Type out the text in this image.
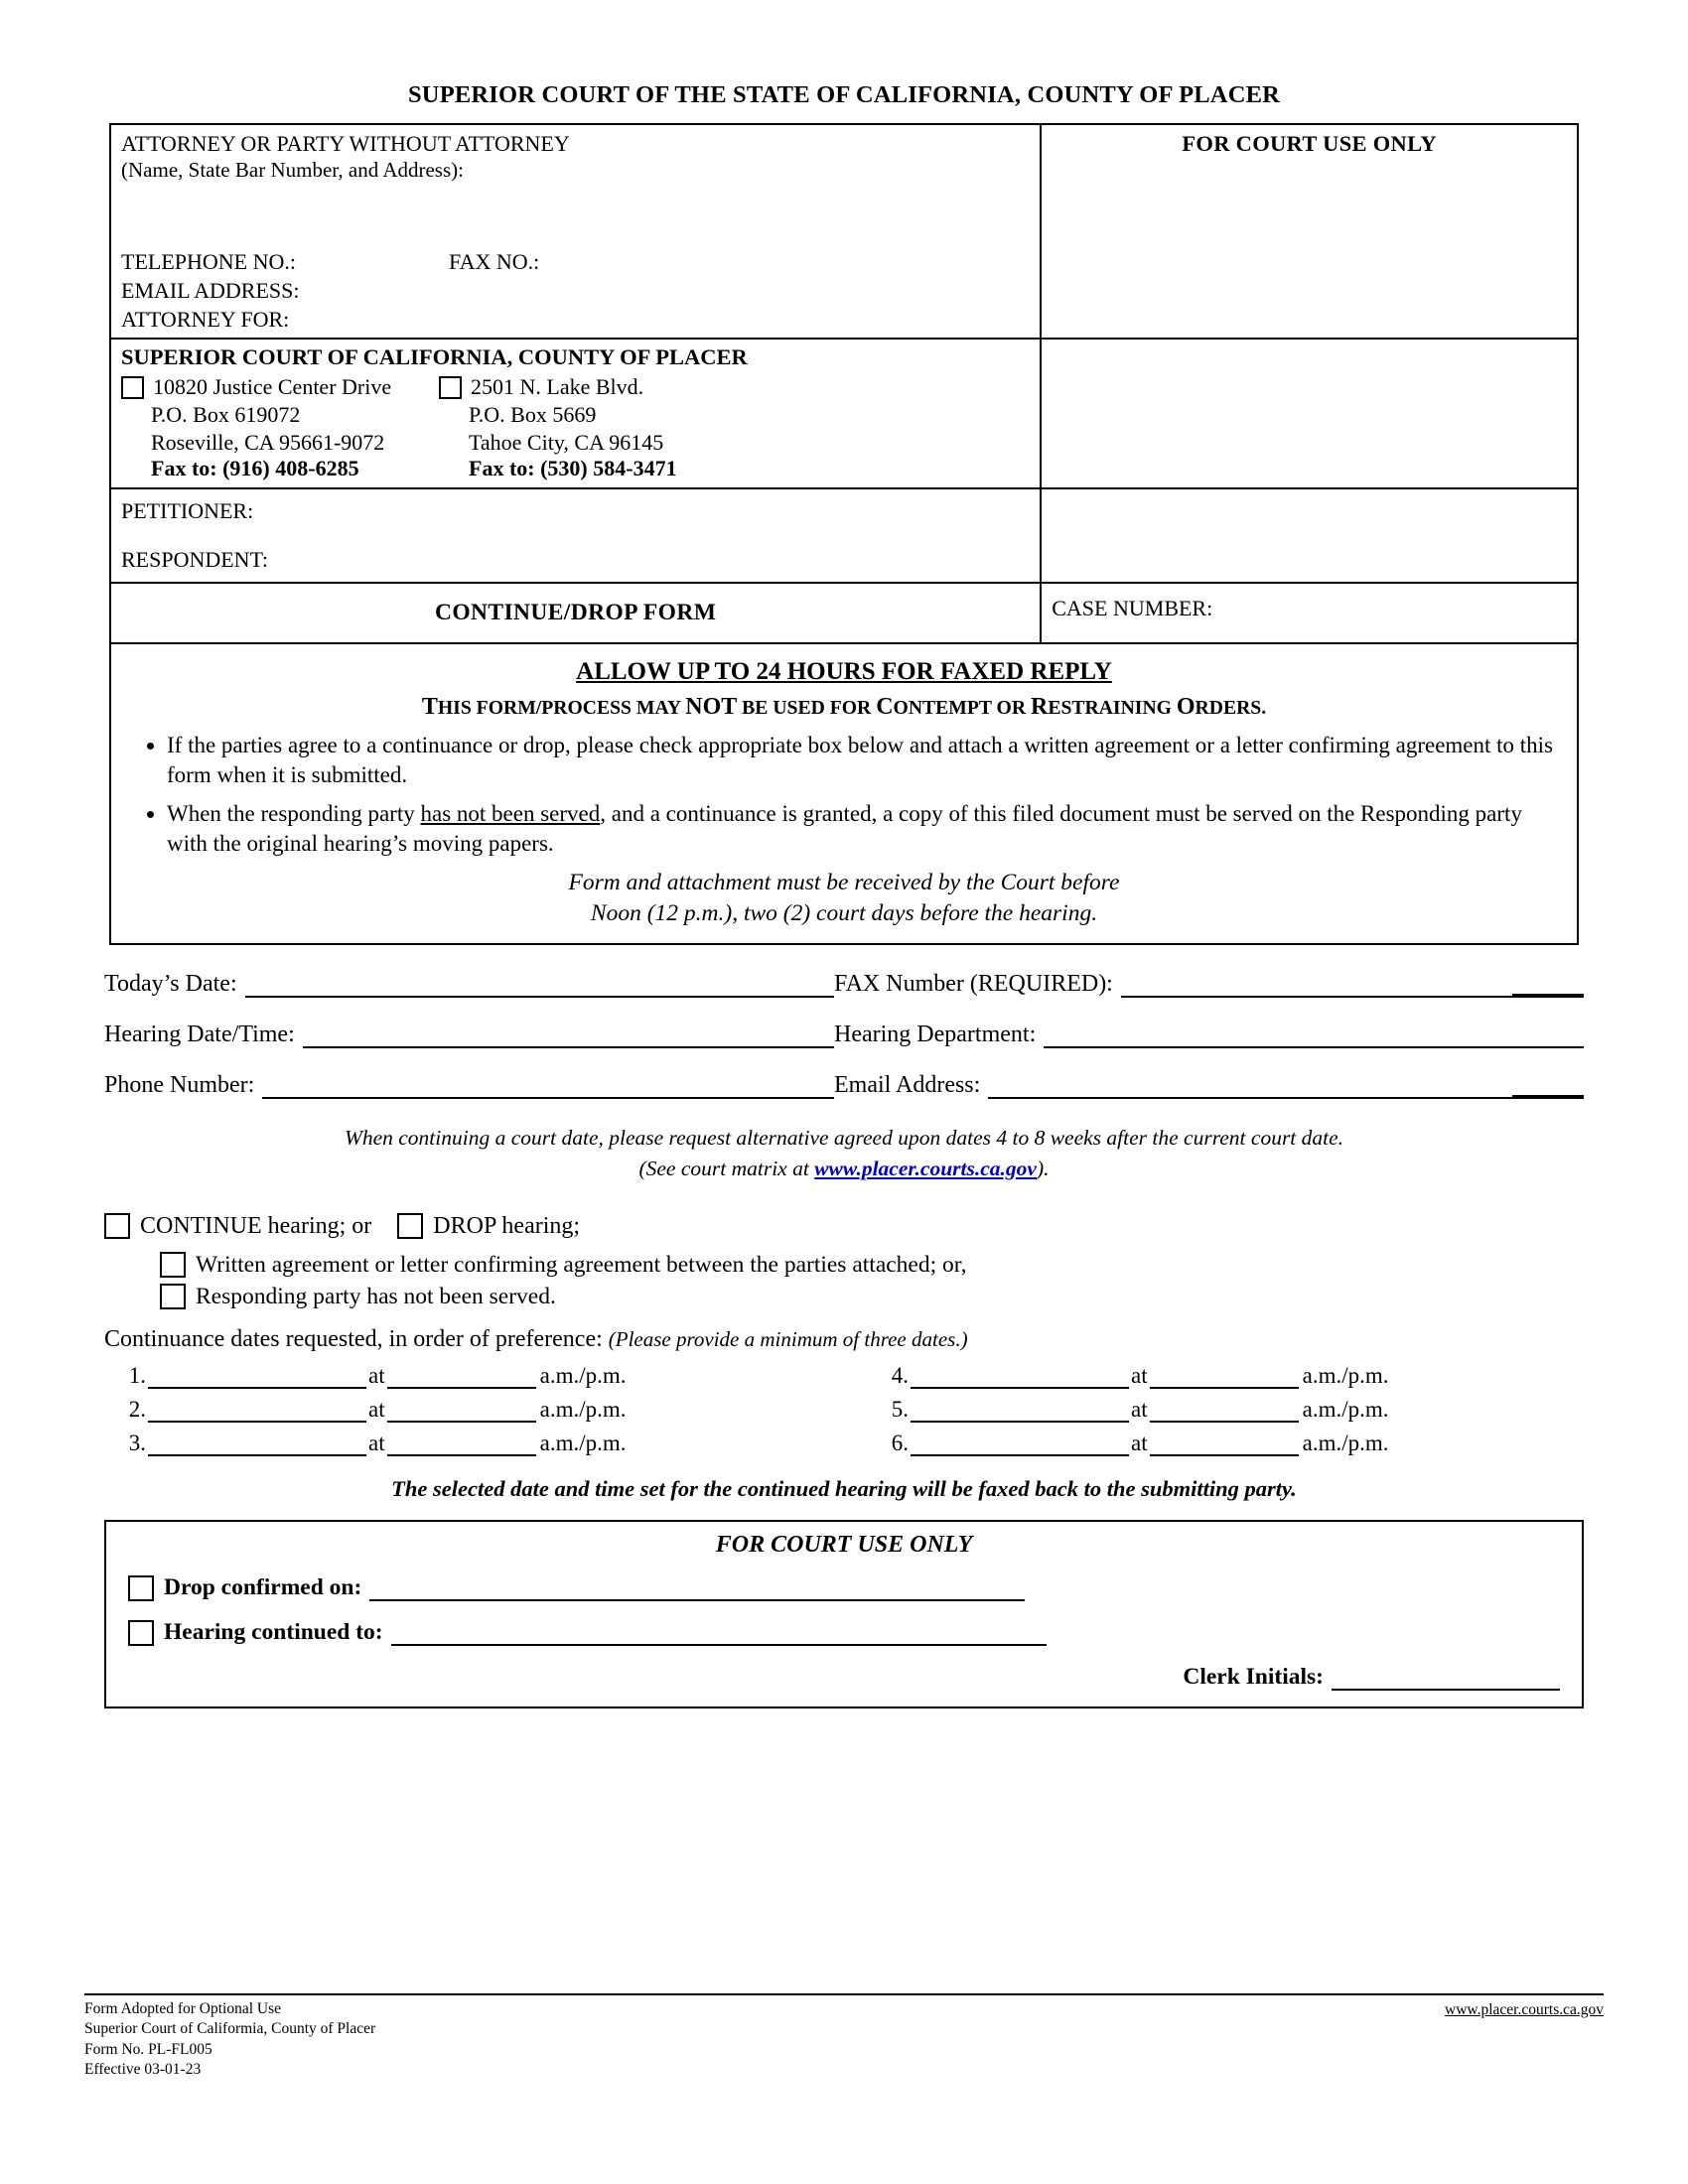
SUPERIOR COURT OF THE STATE OF CALIFORNIA, COUNTY OF PLACER
ATTORNEY OR PARTY WITHOUT ATTORNEY
(Name, State Bar Number, and Address):
TELEPHONE NO.:	FAX NO.:
EMAIL ADDRESS:
ATTORNEY FOR:
FOR COURT USE ONLY
SUPERIOR COURT OF CALIFORNIA, COUNTY OF PLACER
10820 Justice Center Drive
P.O. Box 619072
Roseville, CA 95661-9072
Fax to: (916) 408-6285
2501 N. Lake Blvd.
P.O. Box 5669
Tahoe City, CA 96145
Fax to: (530) 584-3471
PETITIONER:
RESPONDENT:
CONTINUE/DROP FORM	CASE NUMBER:
ALLOW UP TO 24 HOURS FOR FAXED REPLY
THIS FORM/PROCESS MAY NOT BE USED FOR CONTEMPT OR RESTRAINING ORDERS.
• If the parties agree to a continuance or drop, please check appropriate box below and attach a written agreement or a letter confirming agreement to this form when it is submitted.
• When the responding party has not been served, and a continuance is granted, a copy of this filed document must be served on the Responding party with the original hearing’s moving papers.
Form and attachment must be received by the Court before
Noon (12 p.m.), two (2) court days before the hearing.
Today’s Date:	FAX Number (REQUIRED):
Hearing Date/Time:	Hearing Department:
Phone Number:	Email Address:
When continuing a court date, please request alternative agreed upon dates 4 to 8 weeks after the current court date.
(See court matrix at www.placer.courts.ca.gov).
CONTINUE hearing; or	DROP hearing;
Written agreement or letter confirming agreement between the parties attached; or,
Responding party has not been served.
Continuance dates requested, in order of preference: (Please provide a minimum of three dates.)
1.	at	a.m./p.m.
2.	at	a.m./p.m.
3.	at	a.m./p.m.
4.	at	a.m./p.m.
5.	at	a.m./p.m.
6.	at	a.m./p.m.
The selected date and time set for the continued hearing will be faxed back to the submitting party.
FOR COURT USE ONLY
Drop confirmed on:
Hearing continued to:
Clerk Initials:
Form Adopted for Optional Use
Superior Court of Califormia, County of Placer
Form No. PL-FL005
Effective 03-01-23
www.placer.courts.ca.gov
